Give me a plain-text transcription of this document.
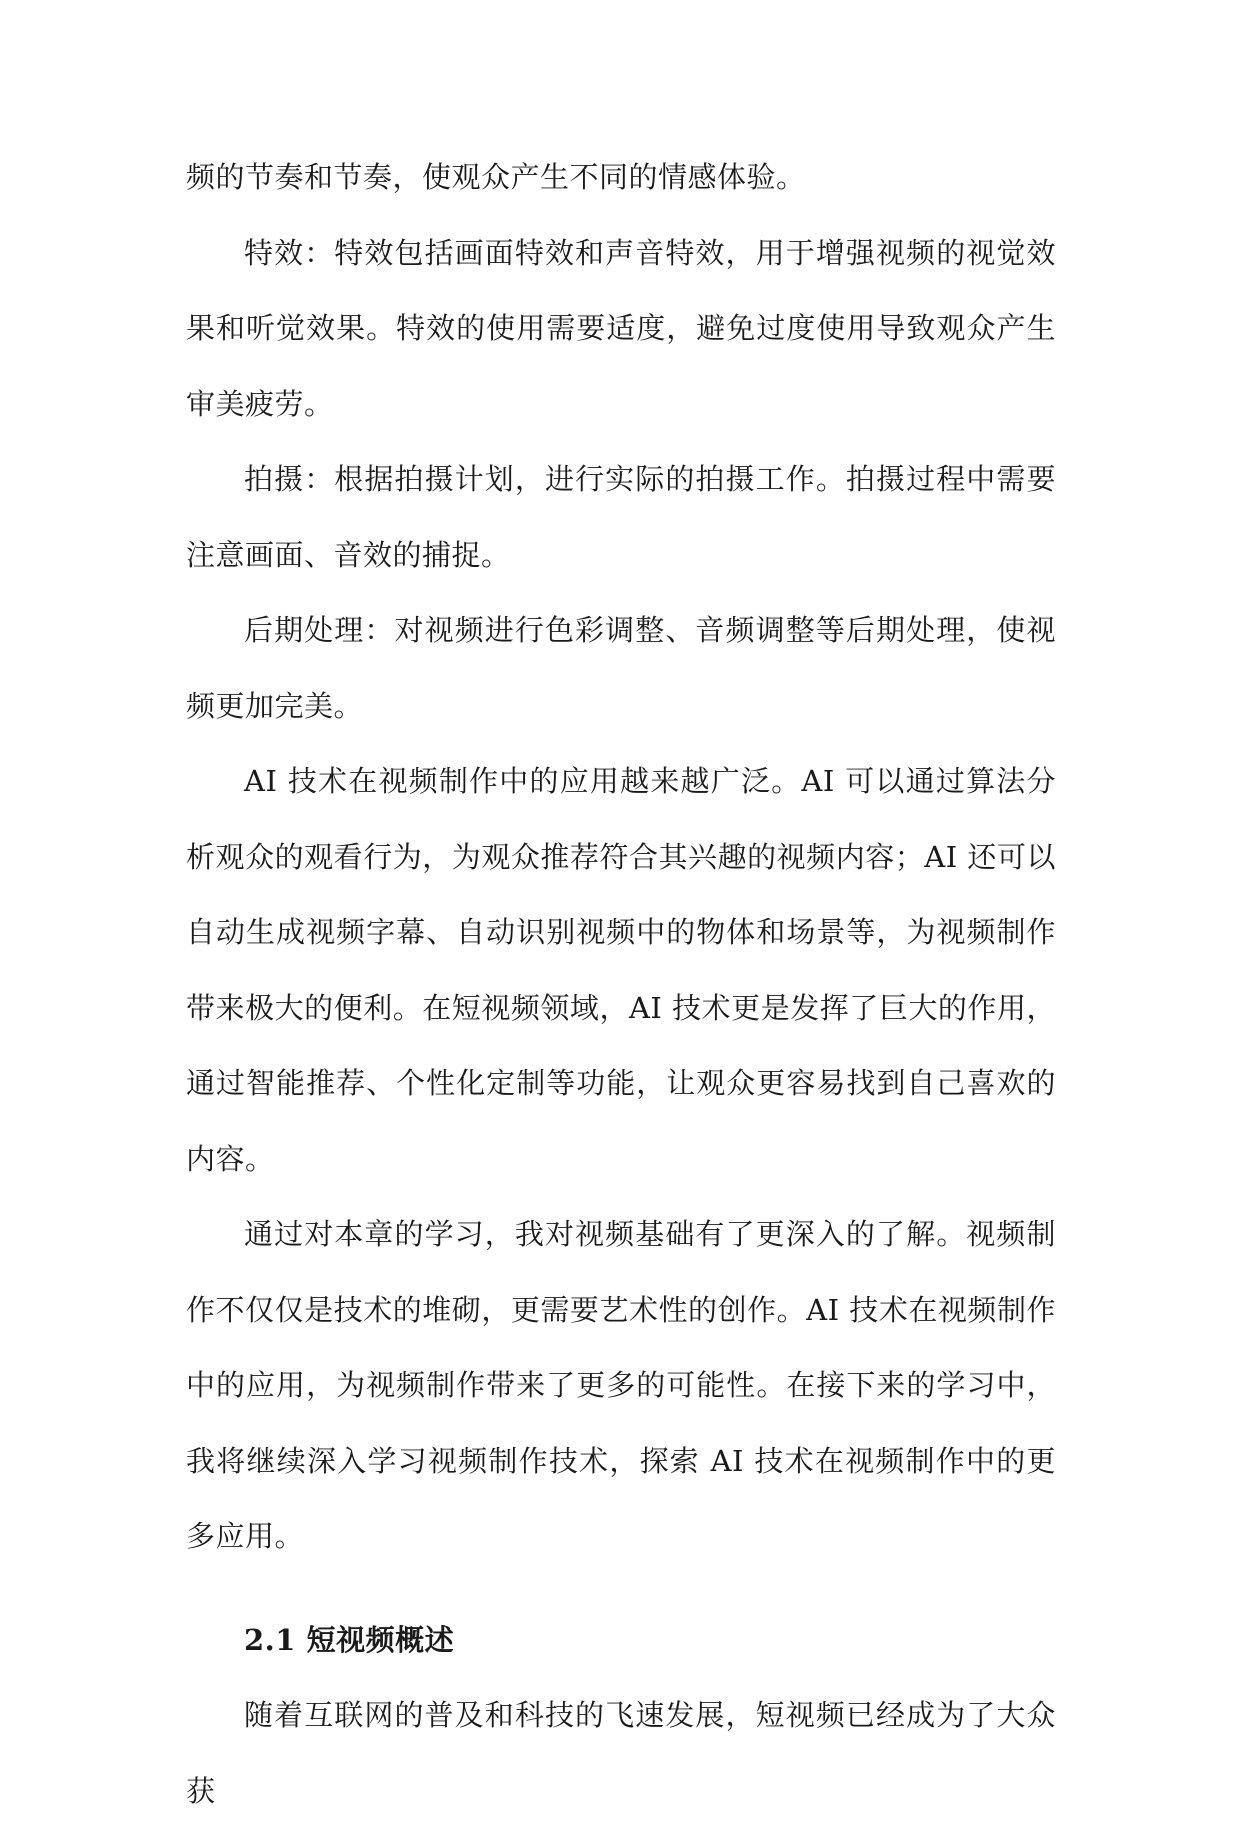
频的节奏和节奏，使观众产生不同的情感体验。

特效：特效包括画面特效和声音特效，用于增强视频的视觉效果和听觉效果。特效的使用需要适度，避免过度使用导致观众产生审美疲劳。

拍摄：根据拍摄计划，进行实际的拍摄工作。拍摄过程中需要注意画面、音效的捕捉。

后期处理：对视频进行色彩调整、音频调整等后期处理，使视频更加完美。

AI 技术在视频制作中的应用越来越广泛。AI 可以通过算法分析观众的观看行为，为观众推荐符合其兴趣的视频内容；AI 还可以自动生成视频字幕、自动识别视频中的物体和场景等，为视频制作带来极大的便利。在短视频领域，AI 技术更是发挥了巨大的作用，通过智能推荐、个性化定制等功能，让观众更容易找到自己喜欢的内容。

通过对本章的学习，我对视频基础有了更深入的了解。视频制作不仅仅是技术的堆砌，更需要艺术性的创作。AI 技术在视频制作中的应用，为视频制作带来了更多的可能性。在接下来的学习中，我将继续深入学习视频制作技术，探索 AI 技术在视频制作中的更多应用。

2.1 短视频概述

随着互联网的普及和科技的飞速发展，短视频已经成为了大众获
